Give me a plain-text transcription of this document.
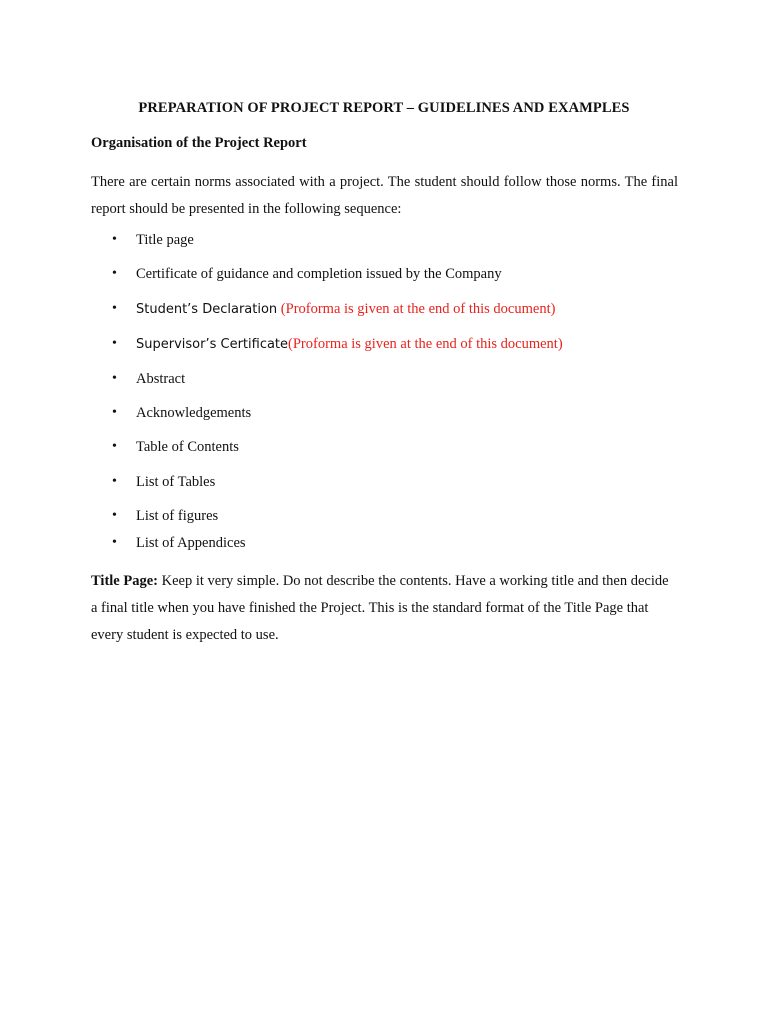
PREPARATION OF PROJECT REPORT – GUIDELINES AND EXAMPLES
Organisation of the Project Report

There are certain norms associated with a project. The student should follow those norms. The final report should be presented in the following sequence:

• Title page
• Certificate of guidance and completion issued by the Company
• Student’s Declaration (Proforma is given at the end of this document)
• Supervisor’s Certificate(Proforma is given at the end of this document)
• Abstract
• Acknowledgements
• Table of Contents
• List of Tables
• List of figures
• List of Appendices

Title Page: Keep it very simple. Do not describe the contents. Have a working title and then decide a final title when you have finished the Project. This is the standard format of the Title Page that every student is expected to use.
